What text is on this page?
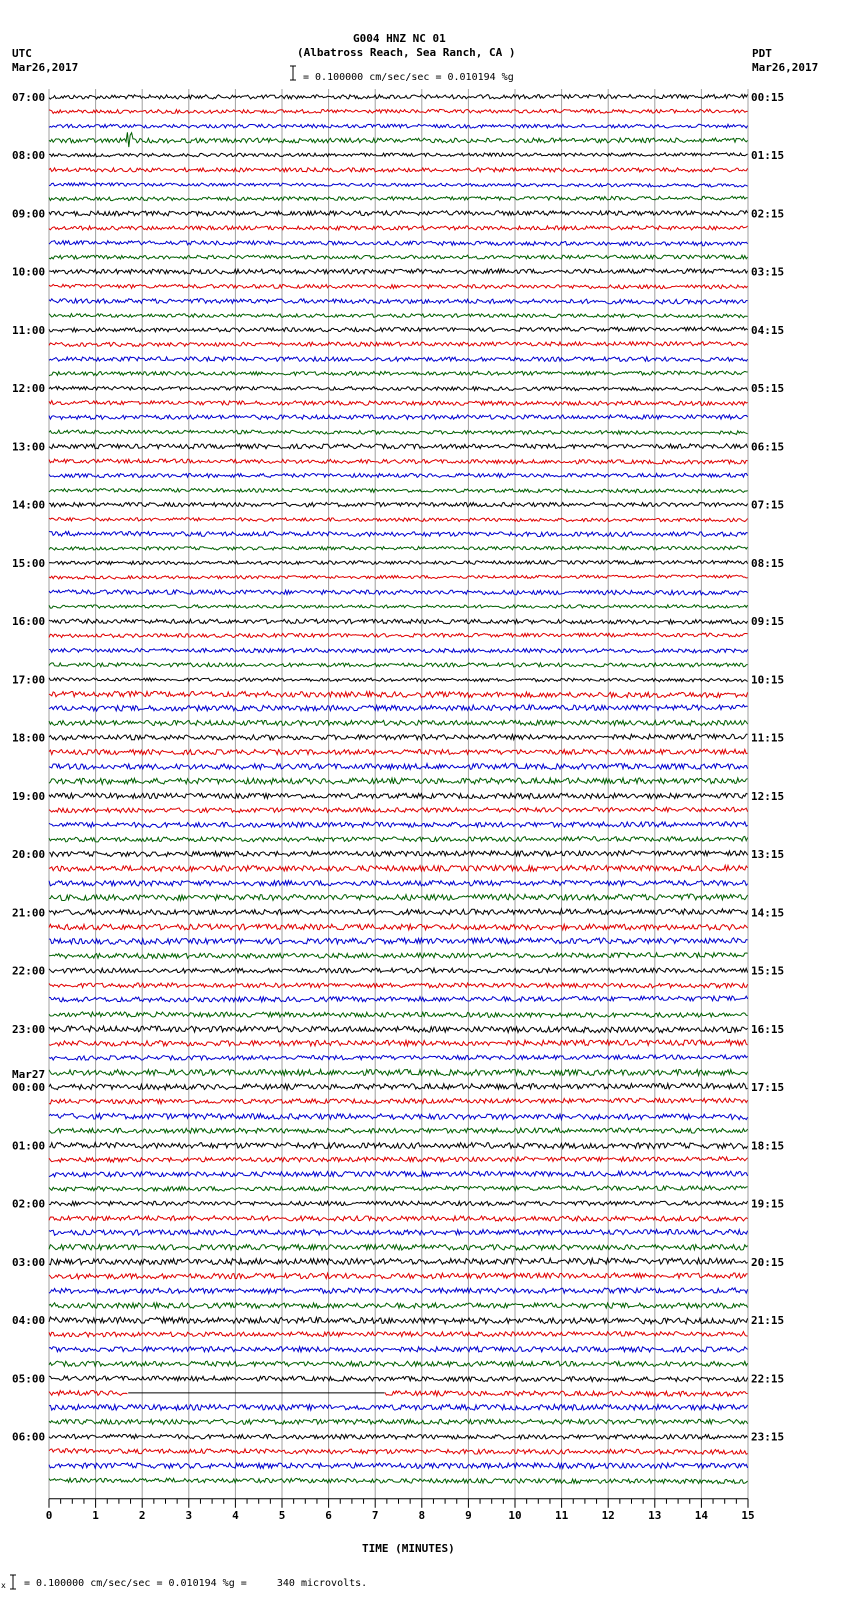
G004 HNZ NC 01
(Albatross Reach, Sea Ranch, CA )
UTC
Mar26,2017
PDT
Mar26,2017
= 0.100000 cm/sec/sec = 0.010194 %g
= 0.100000 cm/sec/sec = 0.010194 %g =     340 microvolts.
TIME (MINUTES)
07:00	00:15
08:00	01:15
09:00	02:15
10:00	03:15
11:00	04:15
12:00	05:15
13:00	06:15
14:00	07:15
15:00	08:15
16:00	09:15
17:00	10:15
18:00	11:15
19:00	12:15
20:00	13:15
21:00	14:15
22:00	15:15
23:00	16:15
00:00	17:15
Mar27
01:00	18:15
02:00	19:15
03:00	20:15
04:00	21:15
05:00	22:15
06:00	23:15
0	1	2	3	4	5	6	7	8	9	10	11	12	13	14	15
x
